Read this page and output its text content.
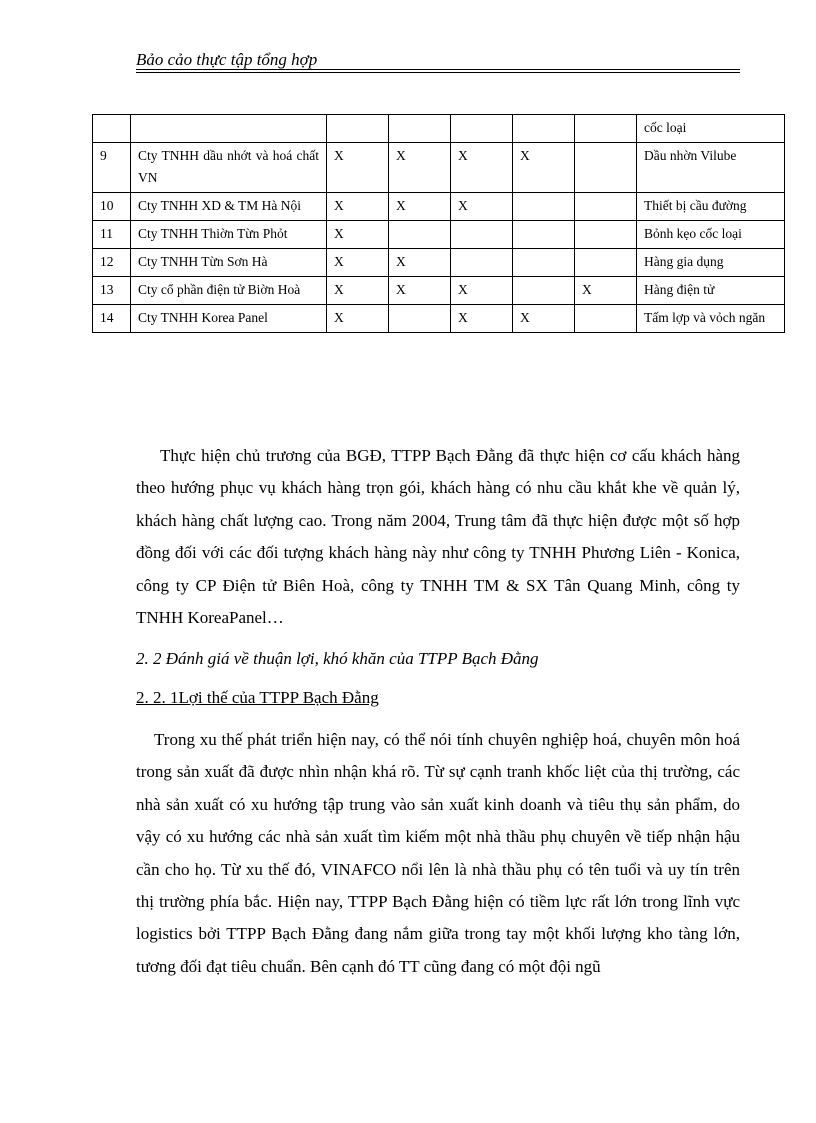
Bảo cảo thực tập tổng hợp
							cốc loại
9	Cty TNHH dầu nhớt và hoá chất VN	X	X	X	X		Dầu nhờn Vilube
10	Cty TNHH XD & TM Hà Nội	X	X	X			Thiết bị cầu đường
11	Cty TNHH Thiờn Từn Phỏt	X					Bỏnh kẹo cốc loại
12	Cty TNHH Từn Sơn Hà	X	X				Hàng gia dụng
13	Cty cổ phần điện tử Biờn Hoà	X	X	X		X	Hàng điện tử
14	Cty TNHH Korea Panel	X		X	X		Tấm lợp và vỏch ngăn

Thực hiện chủ trương của BGĐ, TTPP Bạch Đằng đã thực hiện cơ cấu khách hàng theo hướng phục vụ khách hàng trọn gói, khách hàng có nhu cầu khắt khe về quản lý, khách hàng chất lượng cao. Trong năm 2004, Trung tâm đã thực hiện được một số hợp đồng đối với các đối tượng khách hàng này như công ty TNHH Phương Liên - Konica, công ty CP Điện tử Biên Hoà, công ty TNHH TM & SX Tân Quang Minh, công ty TNHH KoreaPanel…

2. 2 Đánh giá về thuận lợi, khó khăn của TTPP Bạch Đằng
2. 2. 1Lợi thế của TTPP Bạch Đằng

Trong xu thế phát triển hiện nay, có thể nói tính chuyên nghiệp hoá, chuyên môn hoá trong sản xuất đã được nhìn nhận khá rõ. Từ sự cạnh tranh khốc liệt của thị trường, các nhà sản xuất có xu hướng tập trung vào sản xuất kinh doanh và tiêu thụ sản phẩm, do vậy có xu hướng các nhà sản xuất tìm kiếm một nhà thầu phụ chuyên về tiếp nhận hậu cần cho họ. Từ xu thế đó, VINAFCO nổi lên là nhà thầu phụ có tên tuổi và uy tín trên thị trường phía bắc. Hiện nay, TTPP Bạch Đằng hiện có tiềm lực rất lớn trong lĩnh vực logistics bởi TTPP Bạch Đằng đang nắm giữa trong tay một khối lượng kho tàng lớn, tương đối đạt tiêu chuẩn. Bên cạnh đó TT cũng đang có một đội ngũ
